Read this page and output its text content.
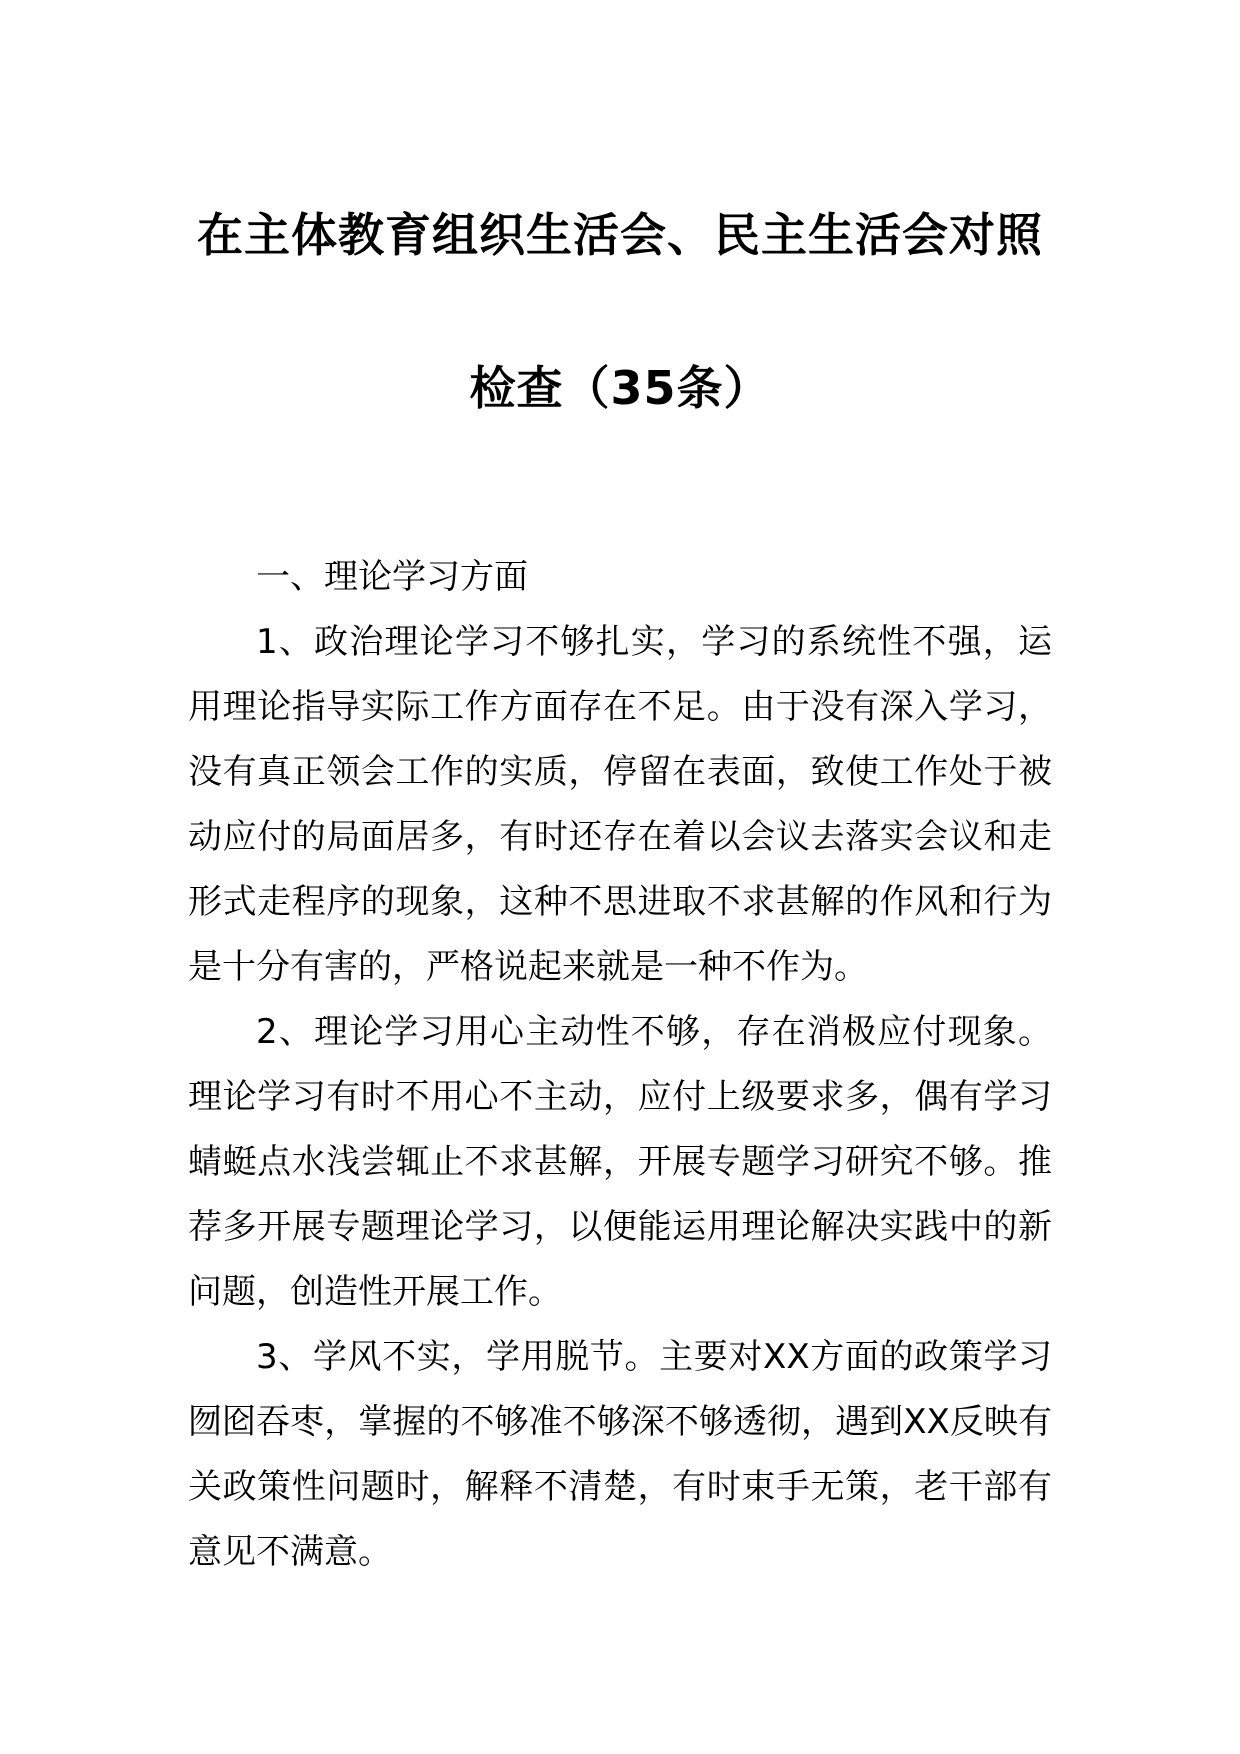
在主体教育组织生活会、民主生活会对照
检查（35条）

一、理论学习方面

1、政治理论学习不够扎实，学习的系统性不强，运用理论指导实际工作方面存在不足。由于没有深入学习，没有真正领会工作的实质，停留在表面，致使工作处于被动应付的局面居多，有时还存在着以会议去落实会议和走形式走程序的现象，这种不思进取不求甚解的作风和行为是十分有害的，严格说起来就是一种不作为。

2、理论学习用心主动性不够，存在消极应付现象。理论学习有时不用心不主动，应付上级要求多，偶有学习蜻蜓点水浅尝辄止不求甚解，开展专题学习研究不够。推荐多开展专题理论学习，以便能运用理论解决实践中的新问题，创造性开展工作。

3、学风不实，学用脱节。主要对XX方面的政策学习囫囵吞枣，掌握的不够准不够深不够透彻，遇到XX反映有关政策性问题时，解释不清楚，有时束手无策，老干部有意见不满意。
